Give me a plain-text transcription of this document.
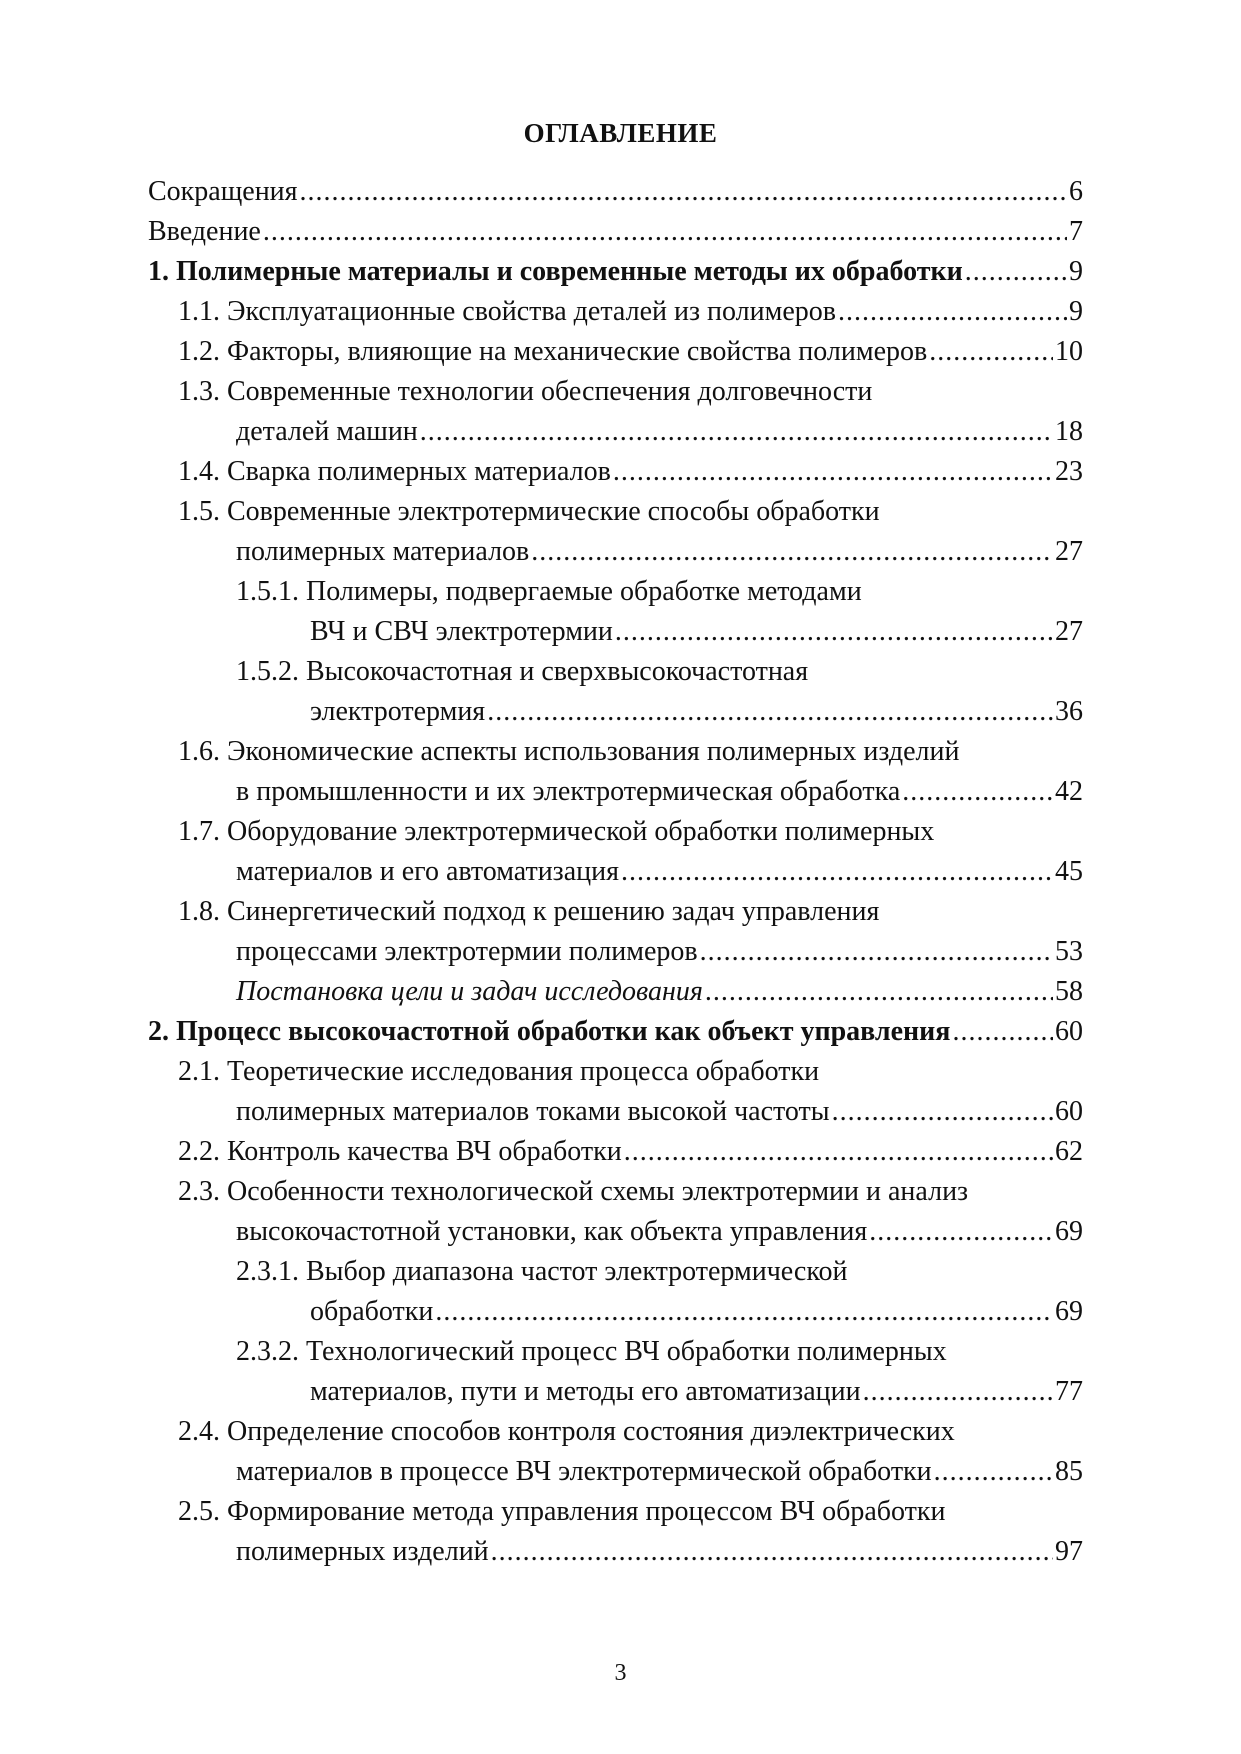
ОГЛАВЛЕНИЕ
Сокращения .....	6
Введение .....	7
1. Полимерные материалы и современные методы их обработки .....	9
1.1. Эксплуатационные свойства деталей из полимеров .....	9
1.2. Факторы, влияющие на механические свойства полимеров .....	10
1.3. Современные технологии обеспечения долговечности
деталей машин .....	18
1.4. Сварка полимерных материалов .....	23
1.5. Современные электротермические способы обработки
полимерных материалов .....	27
1.5.1. Полимеры, подвергаемые обработке методами
ВЧ и СВЧ электротермии .....	27
1.5.2. Высокочастотная и сверхвысокочастотная
электротермия .....	36
1.6. Экономические аспекты использования полимерных изделий
в промышленности и их электротермическая обработка .....	42
1.7. Оборудование электротермической обработки полимерных
материалов и его автоматизация .....	45
1.8. Синергетический подход к решению задач управления
процессами электротермии полимеров .....	53
Постановка цели и задач исследования .....	58
2. Процесс высокочастотной обработки как объект управления .....	60
2.1. Теоретические исследования процесса обработки
полимерных материалов токами высокой частоты .....	60
2.2. Контроль качества ВЧ обработки .....	62
2.3. Особенности технологической схемы электротермии и анализ
высокочастотной установки, как объекта управления .....	69
2.3.1. Выбор диапазона частот электротермической
обработки .....	69
2.3.2. Технологический процесс ВЧ обработки полимерных
материалов, пути и методы его автоматизации .....	77
2.4. Определение способов контроля состояния диэлектрических
материалов в процессе ВЧ электротермической обработки .....	85
2.5. Формирование метода управления процессом ВЧ обработки
полимерных изделий .....	97
3
